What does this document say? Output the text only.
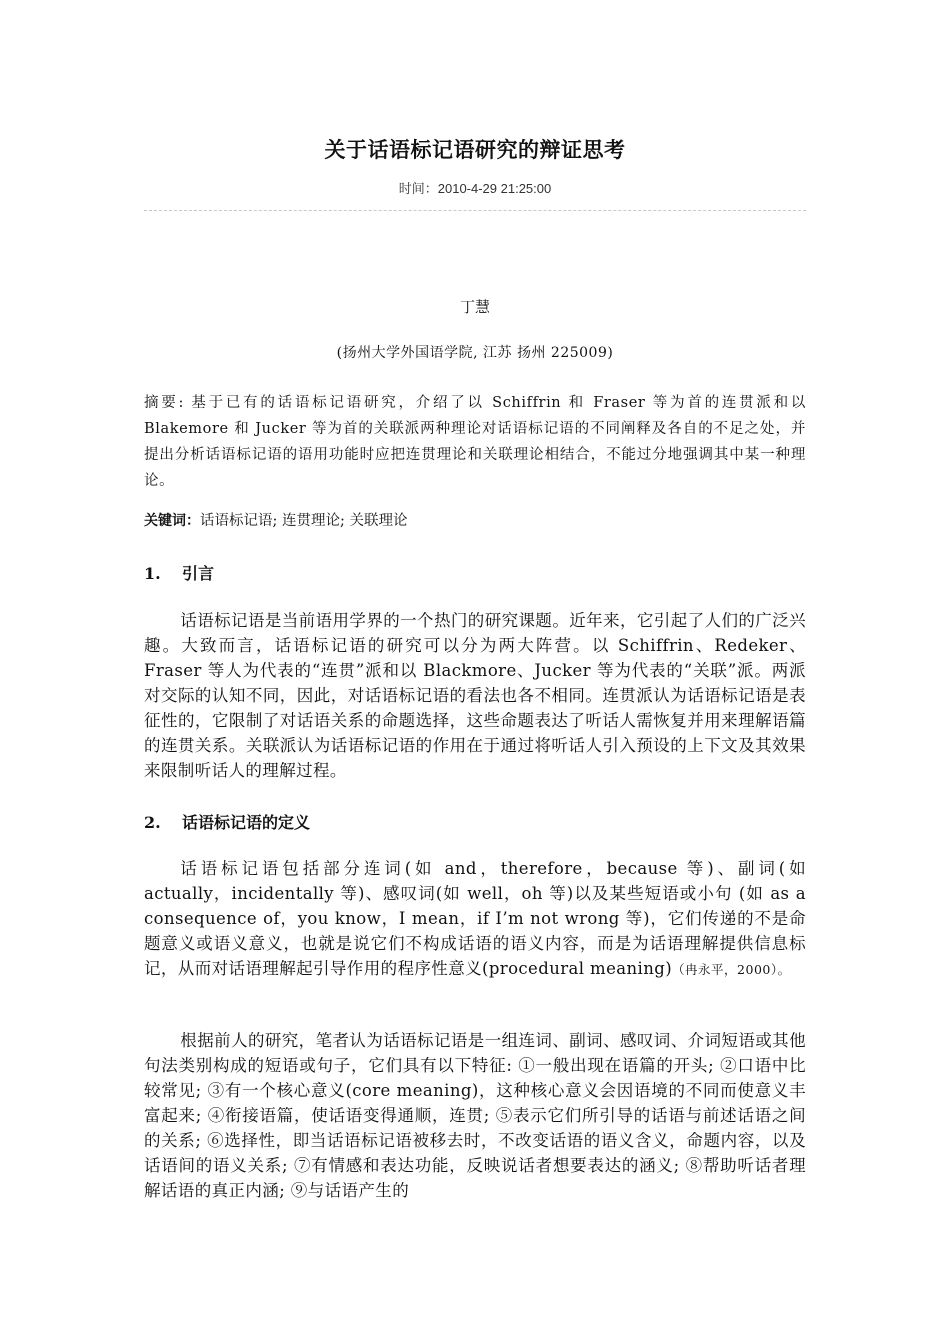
关于话语标记语研究的辩证思考
时间：2010-4-29 21:25:00
丁慧
(扬州大学外国语学院, 江苏 扬州 225009)
摘要: 基于已有的话语标记语研究，介绍了以 Schiffrin 和 Fraser 等为首的连贯派和以 Blakemore 和 Jucker 等为首的关联派两种理论对话语标记语的不同阐释及各自的不足之处，并提出分析话语标记语的语用功能时应把连贯理论和关联理论相结合，不能过分地强调其中某一种理论。
关键词：话语标记语; 连贯理论; 关联理论
1. 引言
话语标记语是当前语用学界的一个热门的研究课题。近年来，它引起了人们的广泛兴趣。大致而言，话语标记语的研究可以分为两大阵营。以 Schiffrin、Redeker、Fraser 等人为代表的“连贯”派和以 Blackmore、Jucker 等为代表的“关联”派。两派对交际的认知不同，因此，对话语标记语的看法也各不相同。连贯派认为话语标记语是表征性的，它限制了对话语关系的命题选择，这些命题表达了听话人需恢复并用来理解语篇的连贯关系。关联派认为话语标记语的作用在于通过将听话人引入预设的上下文及其效果来限制听话人的理解过程。
2. 话语标记语的定义
话语标记语包括部分连词(如 and，therefore，because 等)、副词(如 actually，incidentally 等)、感叹词(如 well，oh 等)以及某些短语或小句 (如 as a consequence of，you know，I mean，if I’m not wrong 等)，它们传递的不是命题意义或语义意义，也就是说它们不构成话语的语义内容，而是为话语理解提供信息标记，从而对话语理解起引导作用的程序性意义(procedural meaning)（冉永平，2000）。
根据前人的研究，笔者认为话语标记语是一组连词、副词、感叹词、介词短语或其他句法类别构成的短语或句子，它们具有以下特征: ①一般出现在语篇的开头; ②口语中比较常见; ③有一个核心意义(core meaning)，这种核心意义会因语境的不同而使意义丰富起来; ④衔接语篇，使话语变得通顺，连贯; ⑤表示它们所引导的话语与前述话语之间的关系; ⑥选择性，即当话语标记语被移去时，不改变话语的语义含义，命题内容，以及话语间的语义关系; ⑦有情感和表达功能，反映说话者想要表达的涵义; ⑧帮助听话者理解话语的真正内涵; ⑨与话语产生的
